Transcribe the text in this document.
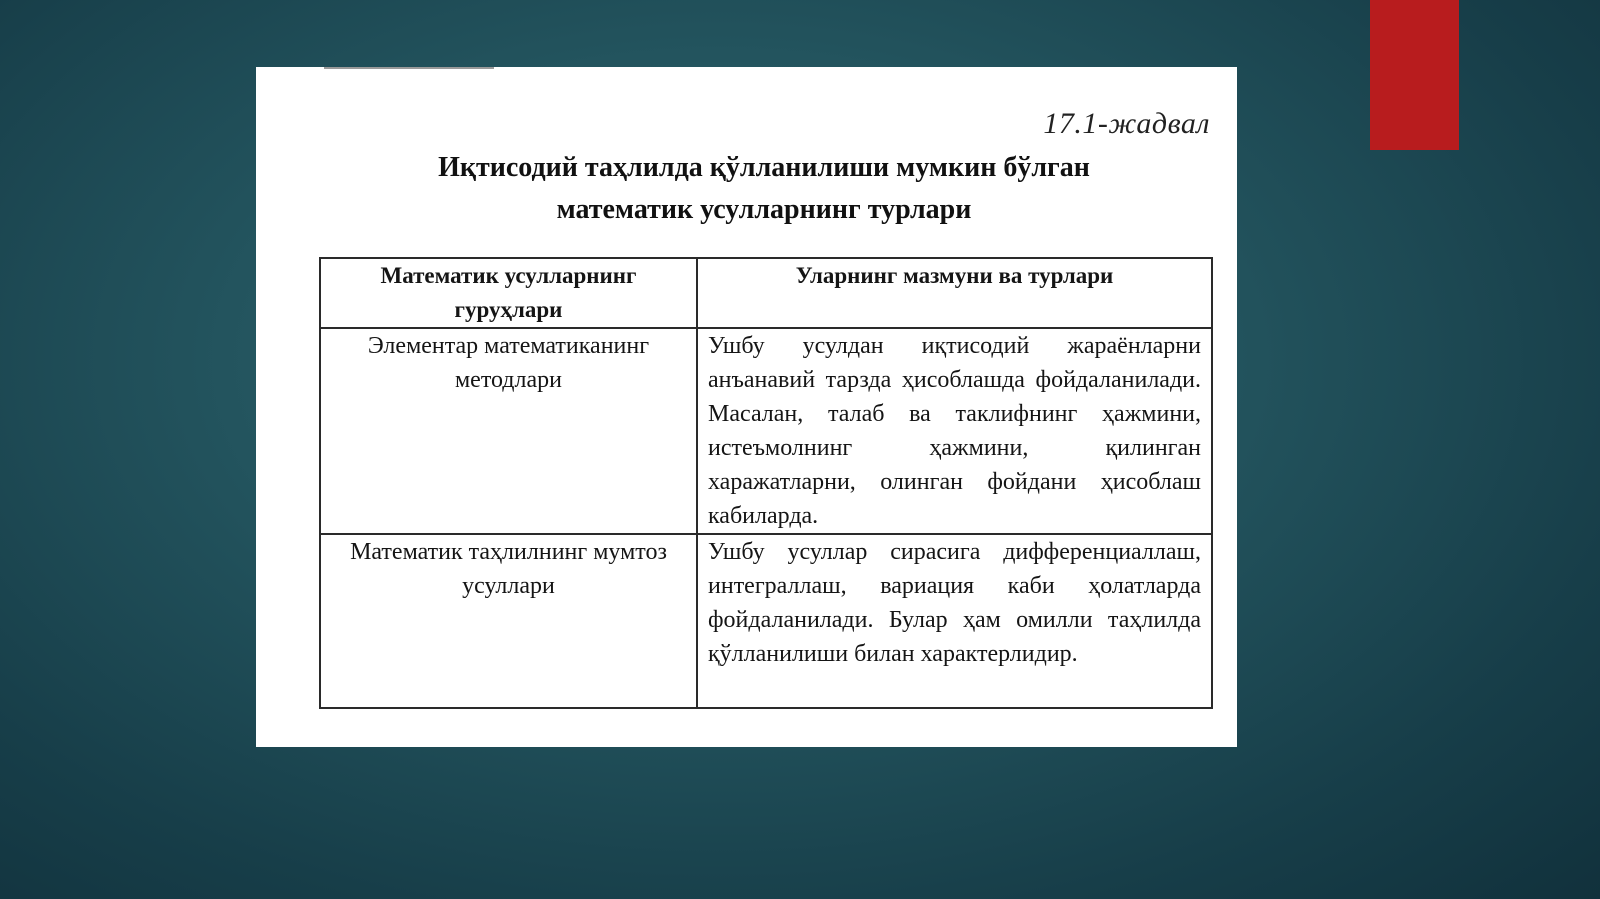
17.1-жадвал
Иқтисодий таҳлилда қўлланилиши мумкин бўлган
математик усулларнинг турлари
Математик усулларнинг гуруҳлари	Уларнинг мазмуни ва турлари
Элементар математиканинг методлари	Ушбу усулдан иқтисодий жараёнларни анъанавий тарзда ҳисоблашда фойдаланилади. Масалан, талаб ва таклифнинг ҳажмини, истеъмолнинг ҳажмини, қилинган харажатларни, олинган фойдани ҳисоблаш кабиларда.
Математик таҳлилнинг мумтоз усуллари	Ушбу усуллар сирасига дифференциаллаш, интеграллаш, вариация каби ҳолатларда фойдаланилади. Булар ҳам омилли таҳлилда қўлланилиши билан характерлидир.
